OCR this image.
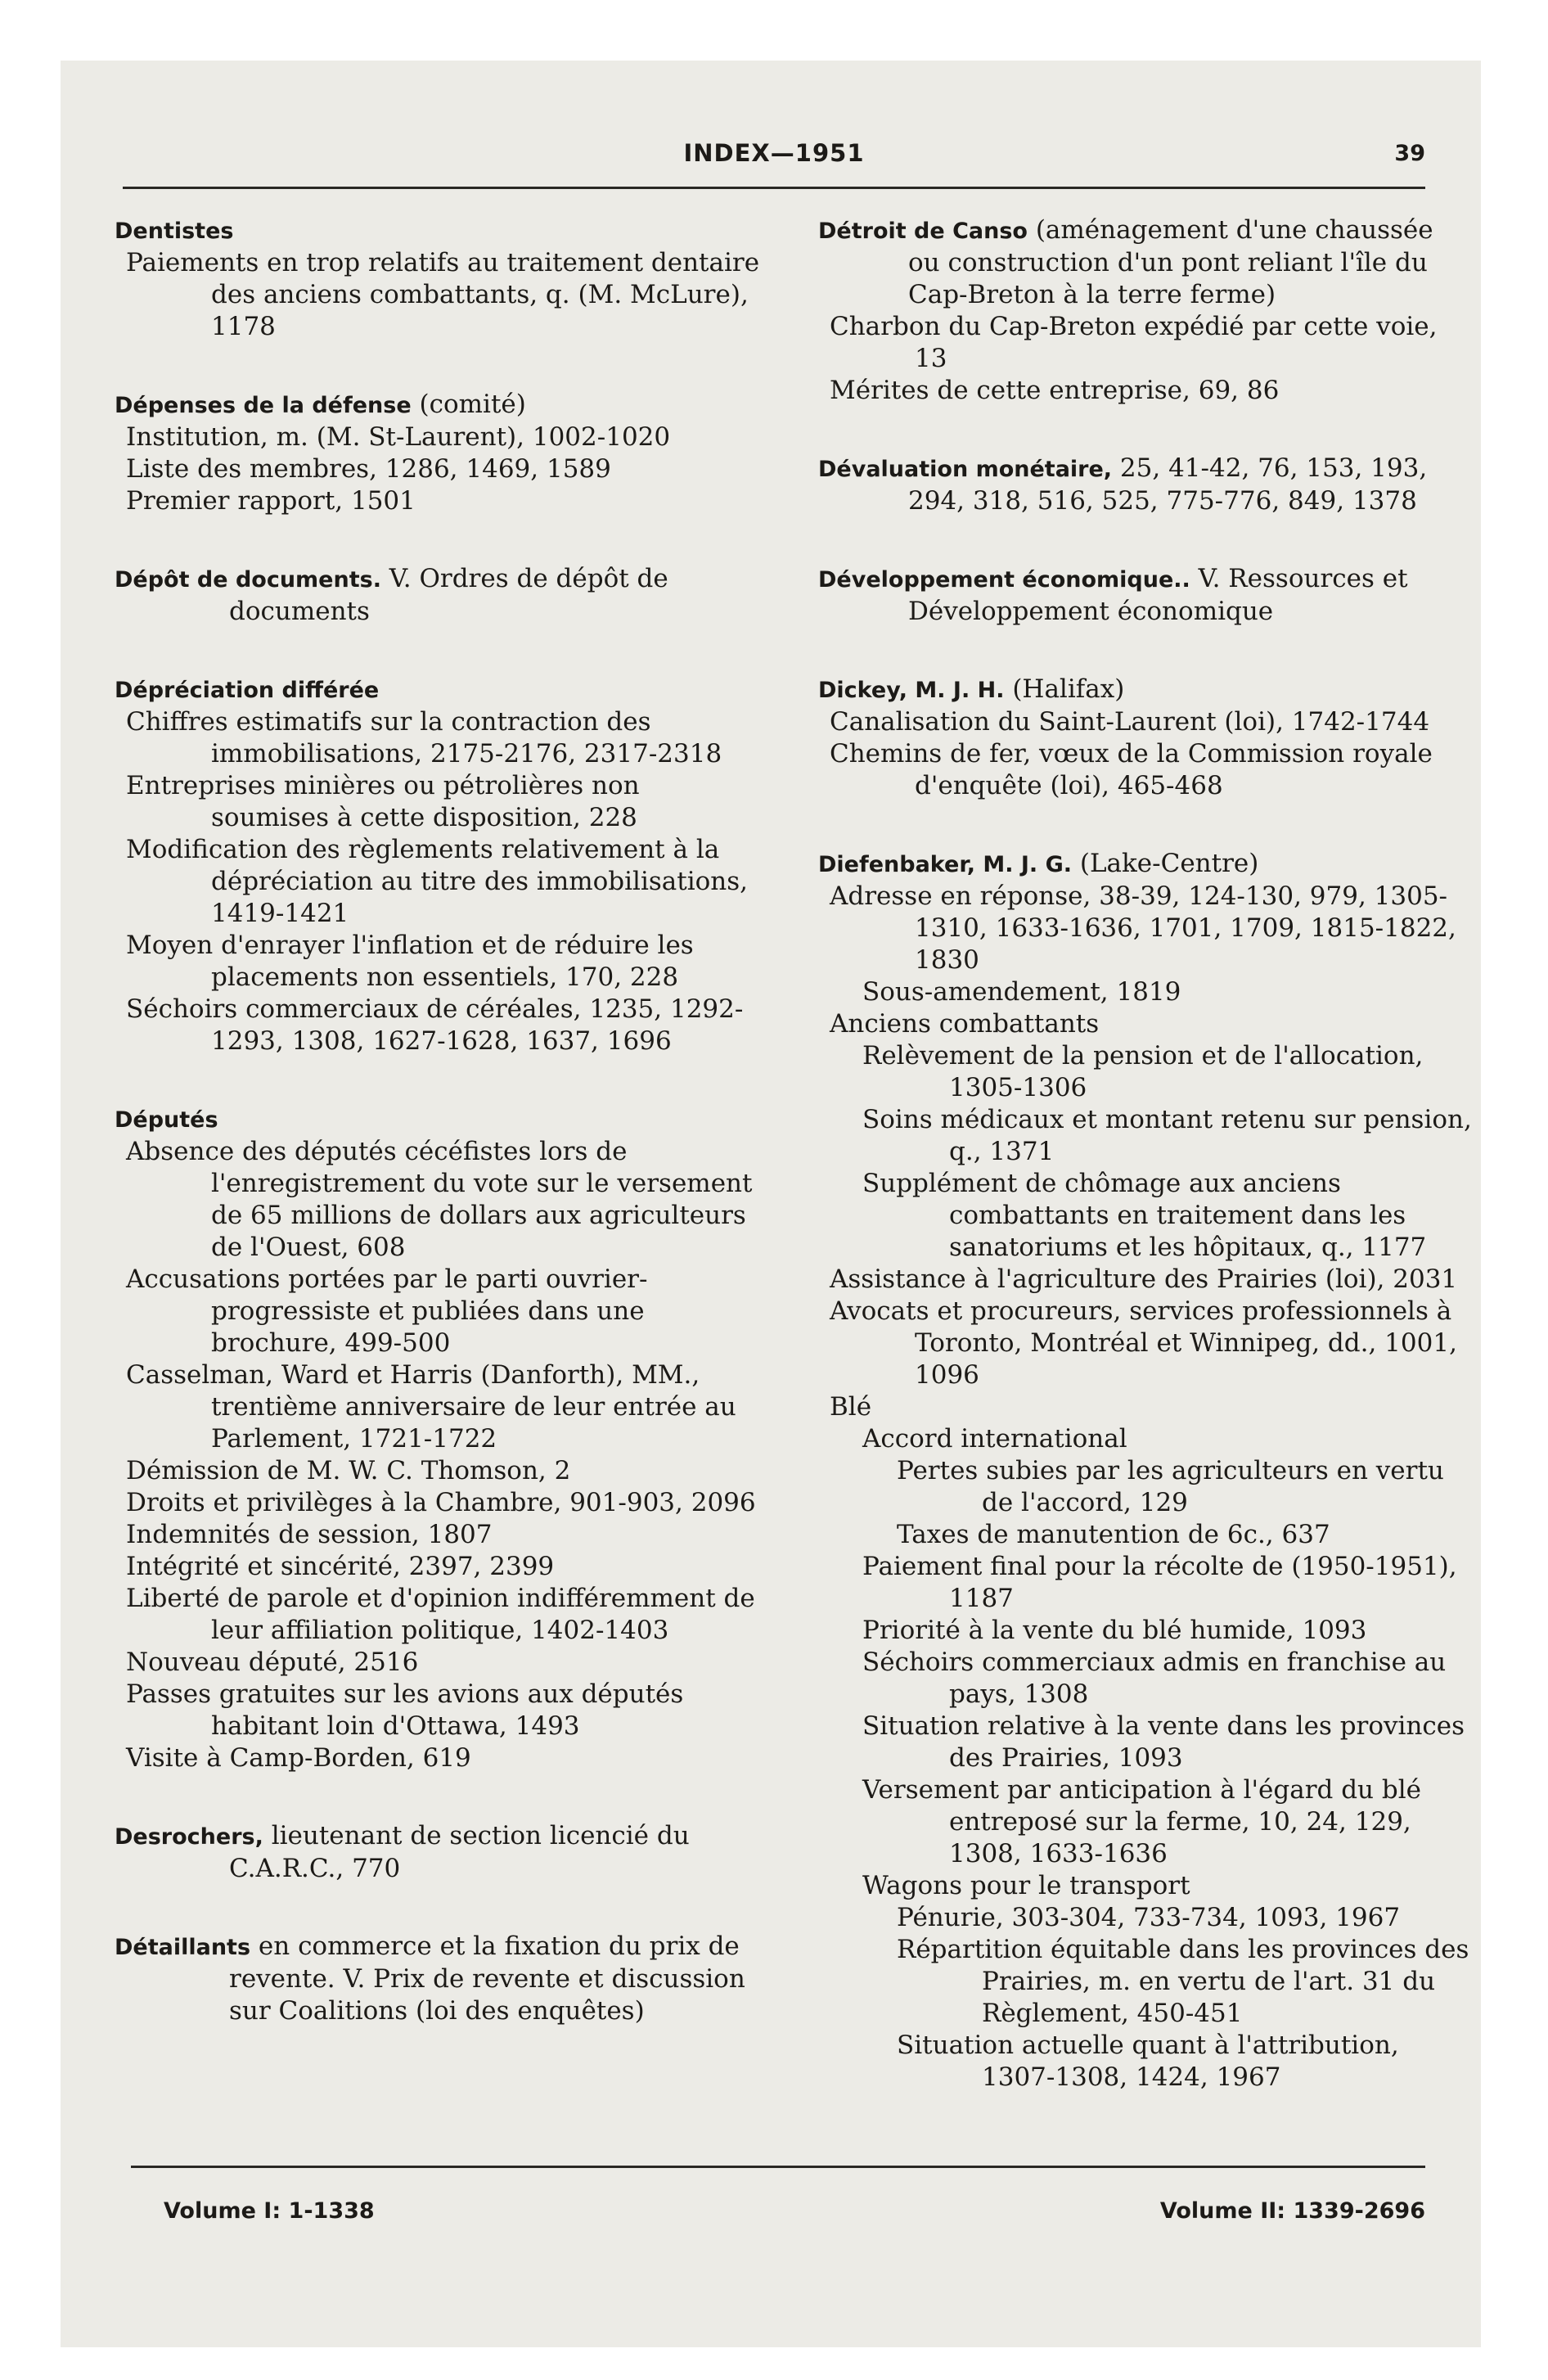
INDEX—1951	39
Dentistes
Paiements en trop relatifs au traitement dentaire des anciens combattants, q. (M. McLure), 1178
Dépenses de la défense (comité)
Institution, m. (M. St-Laurent), 1002-1020
Liste des membres, 1286, 1469, 1589
Premier rapport, 1501
Dépôt de documents. V. Ordres de dépôt de documents
Dépréciation différée
Chiffres estimatifs sur la contraction des immobilisations, 2175-2176, 2317-2318
Entreprises minières ou pétrolières non soumises à cette disposition, 228
Modification des règlements relativement à la dépréciation au titre des immobilisations, 1419-1421
Moyen d'enrayer l'inflation et de réduire les placements non essentiels, 170, 228
Séchoirs commerciaux de céréales, 1235, 1292-1293, 1308, 1627-1628, 1637, 1696
Députés
Absence des députés cécéfistes lors de l'enregistrement du vote sur le versement de 65 millions de dollars aux agriculteurs de l'Ouest, 608
Accusations portées par le parti ouvrier-progressiste et publiées dans une brochure, 499-500
Casselman, Ward et Harris (Danforth), MM., trentième anniversaire de leur entrée au Parlement, 1721-1722
Démission de M. W. C. Thomson, 2
Droits et privilèges à la Chambre, 901-903, 2096
Indemnités de session, 1807
Intégrité et sincérité, 2397, 2399
Liberté de parole et d'opinion indifféremment de leur affiliation politique, 1402-1403
Nouveau député, 2516
Passes gratuites sur les avions aux députés habitant loin d'Ottawa, 1493
Visite à Camp-Borden, 619
Desrochers, lieutenant de section licencié du C.A.R.C., 770
Détaillants en commerce et la fixation du prix de revente. V. Prix de revente et discussion sur Coalitions (loi des enquêtes)
Détroit de Canso (aménagement d'une chaussée ou construction d'un pont reliant l'île du Cap-Breton à la terre ferme)
Charbon du Cap-Breton expédié par cette voie, 13
Mérites de cette entreprise, 69, 86
Dévaluation monétaire, 25, 41-42, 76, 153, 193, 294, 318, 516, 525, 775-776, 849, 1378
Développement économique.. V. Ressources et Développement économique
Dickey, M. J. H. (Halifax)
Canalisation du Saint-Laurent (loi), 1742-1744
Chemins de fer, vœux de la Commission royale d'enquête (loi), 465-468
Diefenbaker, M. J. G. (Lake-Centre)
Adresse en réponse, 38-39, 124-130, 979, 1305-1310, 1633-1636, 1701, 1709, 1815-1822, 1830
Sous-amendement, 1819
Anciens combattants
Relèvement de la pension et de l'allocation, 1305-1306
Soins médicaux et montant retenu sur pension, q., 1371
Supplément de chômage aux anciens combattants en traitement dans les sanatoriums et les hôpitaux, q., 1177
Assistance à l'agriculture des Prairies (loi), 2031
Avocats et procureurs, services professionnels à Toronto, Montréal et Winnipeg, dd., 1001, 1096
Blé
Accord international
Pertes subies par les agriculteurs en vertu de l'accord, 129
Taxes de manutention de 6c., 637
Paiement final pour la récolte de (1950-1951), 1187
Priorité à la vente du blé humide, 1093
Séchoirs commerciaux admis en franchise au pays, 1308
Situation relative à la vente dans les provinces des Prairies, 1093
Versement par anticipation à l'égard du blé entreposé sur la ferme, 10, 24, 129, 1308, 1633-1636
Wagons pour le transport
Pénurie, 303-304, 733-734, 1093, 1967
Répartition équitable dans les provinces des Prairies, m. en vertu de l'art. 31 du Règlement, 450-451
Situation actuelle quant à l'attribution, 1307-1308, 1424, 1967
Volume I: 1-1338	Volume II: 1339-2696
